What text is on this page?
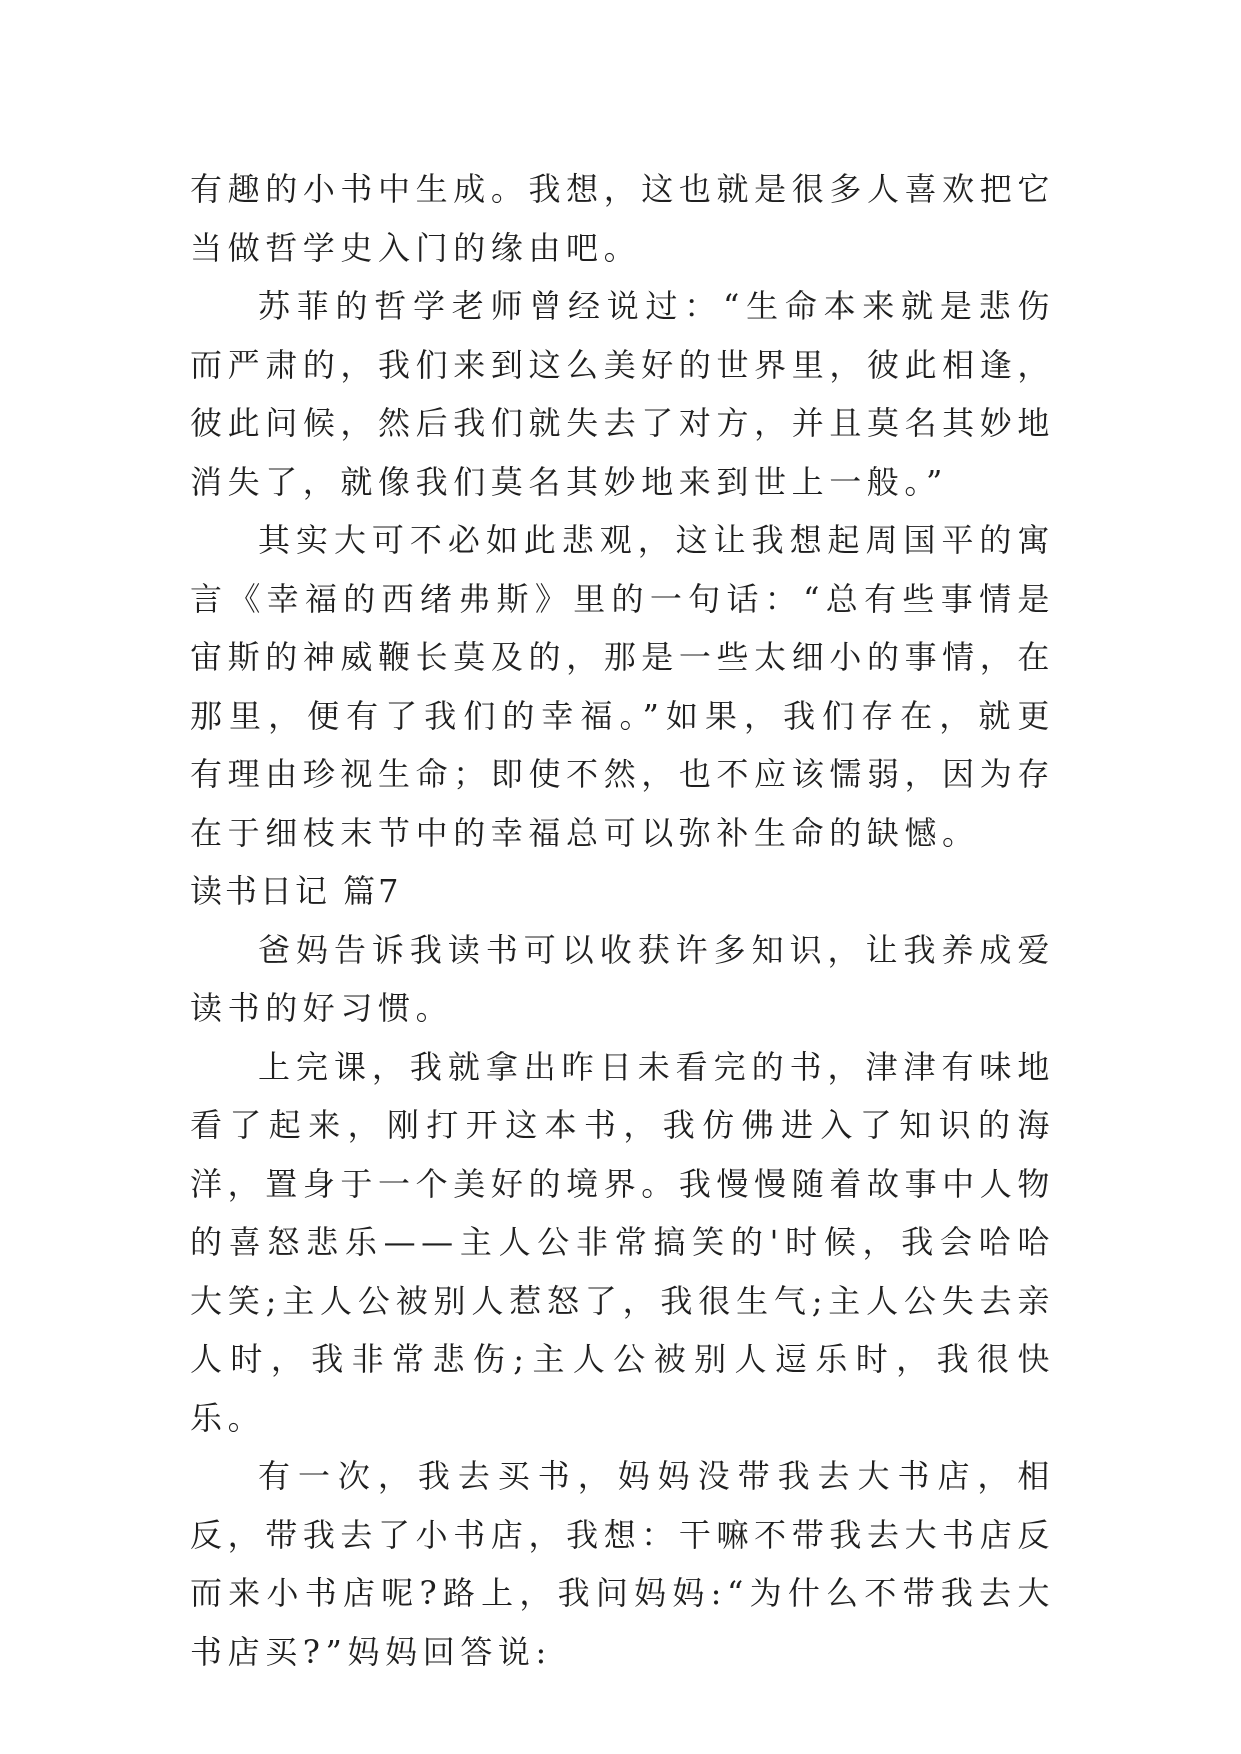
有趣的小书中生成。我想，这也就是很多人喜欢把它当做哲学史入门的缘由吧。

苏菲的哲学老师曾经说过：“生命本来就是悲伤而严肃的，我们来到这么美好的世界里，彼此相逢，彼此问候，然后我们就失去了对方，并且莫名其妙地消失了，就像我们莫名其妙地来到世上一般。”

其实大可不必如此悲观，这让我想起周国平的寓言《幸福的西绪弗斯》里的一句话：“总有些事情是宙斯的神威鞭长莫及的，那是一些太细小的事情，在那里，便有了我们的幸福。”如果，我们存在，就更有理由珍视生命；即使不然，也不应该懦弱，因为存在于细枝末节中的幸福总可以弥补生命的缺憾。

读书日记 篇7

爸妈告诉我读书可以收获许多知识，让我养成爱读书的好习惯。

上完课，我就拿出昨日未看完的书，津津有味地看了起来，刚打开这本书，我仿佛进入了知识的海洋，置身于一个美好的境界。我慢慢随着故事中人物的喜怒悲乐——主人公非常搞笑的'时候，我会哈哈大笑;主人公被别人惹怒了，我很生气;主人公失去亲人时，我非常悲伤;主人公被别人逗乐时，我很快乐。

有一次，我去买书，妈妈没带我去大书店，相反，带我去了小书店，我想：干嘛不带我去大书店反而来小书店呢?路上，我问妈妈:“为什么不带我去大书店买?”妈妈回答说:
